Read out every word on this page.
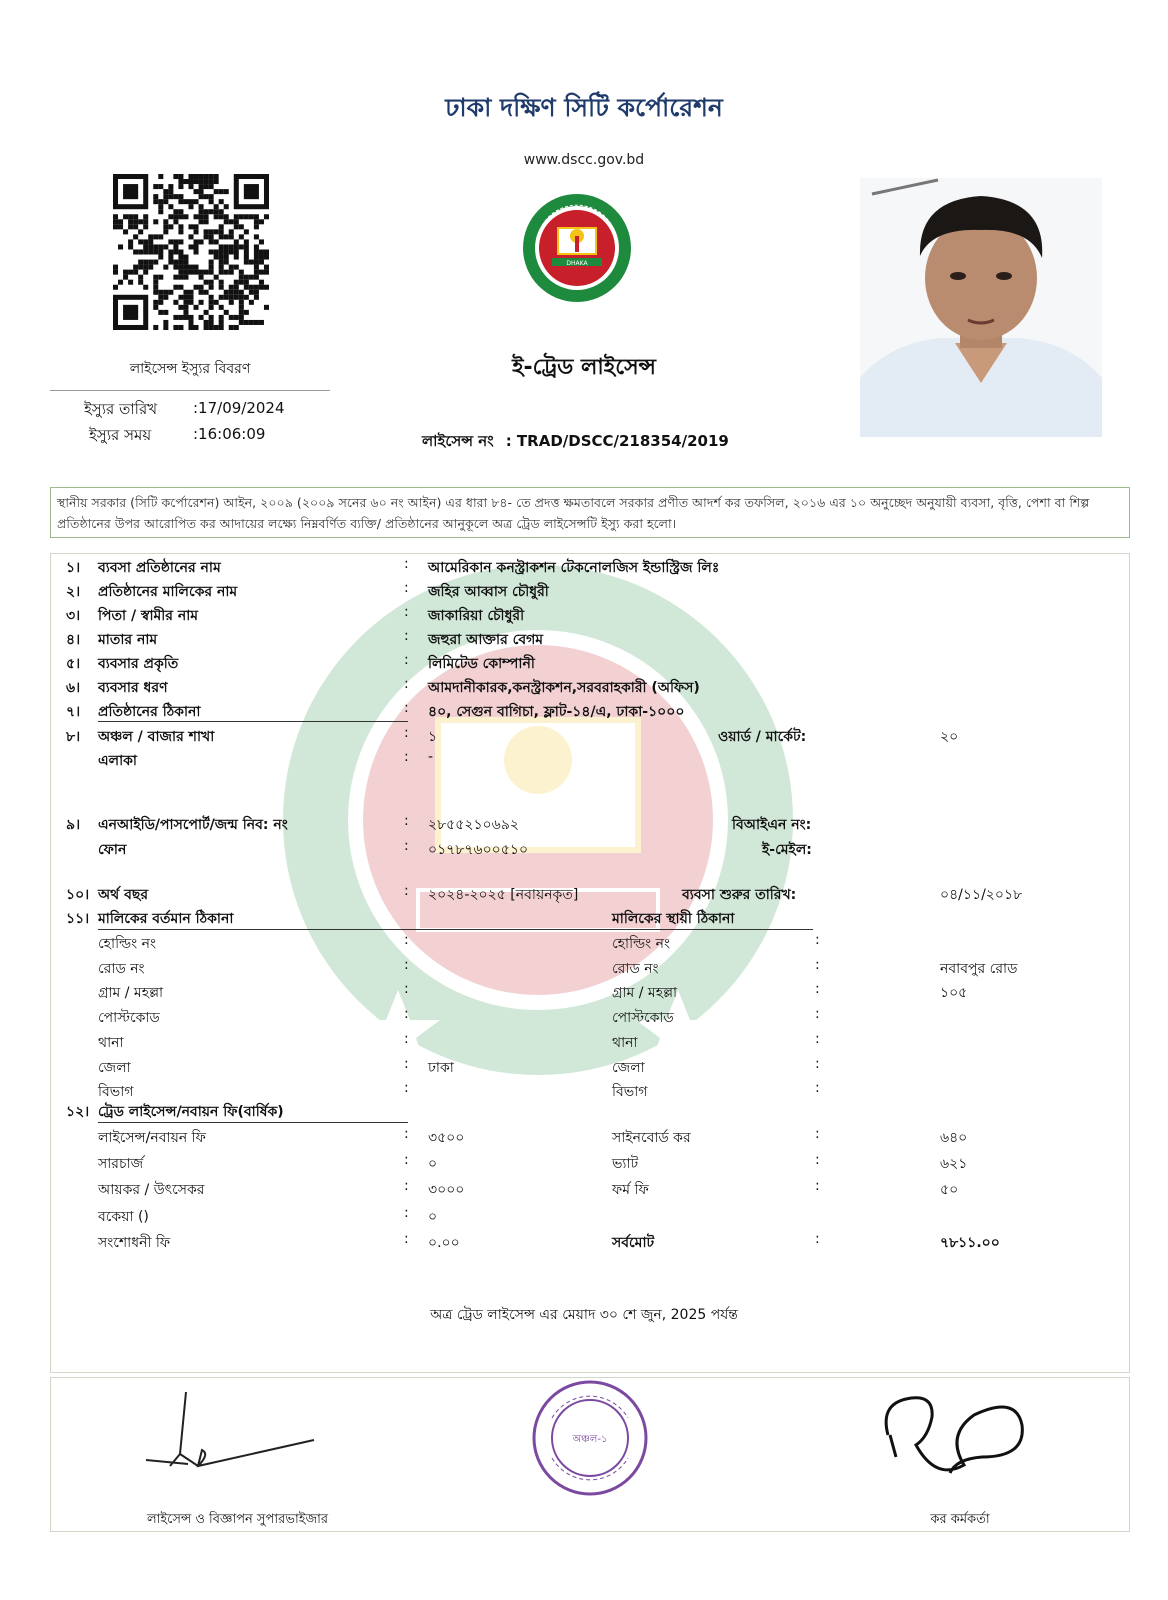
ঢাকা দক্ষিণ সিটি কর্পোরেশন
www.dscc.gov.bd
লাইসেন্স ইস্যুর বিবরণ
ইস্যুর তারিখ :17/09/2024
ইস্যুর সময়	:16:06:09
DHAKA
ই-ট্রেড লাইসেন্স
লাইসেন্স নং : TRAD/DSCC/218354/2019
স্থানীয় সরকার (সিটি কর্পোরেশন) আইন, ২০০৯ (২০০৯ সনের ৬০ নং আইন) এর ধারা ৮৪- তে প্রদত্ত ক্ষমতাবলে সরকার প্রণীত আদর্শ কর তফসিল, ২০১৬ এর ১০ অনুচ্ছেদ অনুযায়ী ব্যবসা, বৃত্তি, পেশা বা শিল্প প্রতিষ্ঠানের উপর আরোপিত কর আদায়ের লক্ষ্যে নিম্নবর্ণিত ব্যক্তি/ প্রতিষ্ঠানের আনুকূলে অত্র ট্রেড লাইসেন্সটি ইস্যু করা হলো।
১। ব্যবসা প্রতিষ্ঠানের নাম	: আমেরিকান কনস্ট্রাকশন টেকনোলজিস ইন্ডাস্ট্রিজ লিঃ
২। প্রতিষ্ঠানের মালিকের নাম	: জহির আব্বাস চৌধুরী
৩। পিতা / স্বামীর নাম	: জাকারিয়া চৌধুরী
৪। মাতার নাম	: জহুরা আক্তার বেগম
৫। ব্যবসার প্রকৃতি	: লিমিটেড কোম্পানী
৬। ব্যবসার ধরণ	: আমদানীকারক,কনস্ট্রাকশন,সরবরাহকারী (অফিস)
৭। প্রতিষ্ঠানের ঠিকানা	: ৪০, সেগুন বাগিচা, ফ্লাট-১৪/এ, ঢাকা-১০০০
৮। অঞ্চল / বাজার শাখা	: ১	ওয়ার্ড / মার্কেট:	২০
এলাকা	: -
৯। এনআইডি/পাসপোর্ট/জন্ম নিব: নং	: ২৮৫৫২১০৬৯২	বিআইএন নং:
ফোন	: ০১৭৮৭৬০০৫১০	ই-মেইল:
১০। অর্থ বছর	: ২০২৪-২০২৫ [নবায়নকৃত]	ব্যবসা শুরুর তারিখ:	০৪/১১/২০১৮
১১। মালিকের বর্তমান ঠিকানা	মালিকের স্থায়ী ঠিকানা
হোল্ডিং নং	:	হোল্ডিং নং	:
রোড নং	:	রোড নং	:	নবাবপুর রোড
গ্রাম / মহল্লা	:	গ্রাম / মহল্লা	:	১০৫
পোস্টকোড	:	পোস্টকোড	:
থানা	:	থানা	:
জেলা	: ঢাকা	জেলা	:
বিভাগ	:	বিভাগ	:
১২। ট্রেড লাইসেন্স/নবায়ন ফি(বার্ষিক)
লাইসেন্স/নবায়ন ফি	: ৩৫০০	সাইনবোর্ড কর	:	৬৪০
সারচার্জ	: ০	ভ্যাট	:	৬২১
আয়কর / উৎসেকর	: ৩০০০	ফর্ম ফি	:	৫০
বকেয়া ()	: ০
সংশোধনী ফি	: ০.০০	সর্বমোট	:	৭৮১১.০০
অত্র ট্রেড লাইসেন্স এর মেয়াদ ৩০ শে জুন, 2025 পর্যন্ত
অঞ্চল-১
লাইসেন্স ও বিজ্ঞাপন সুপারভাইজার	কর কর্মকর্তা
